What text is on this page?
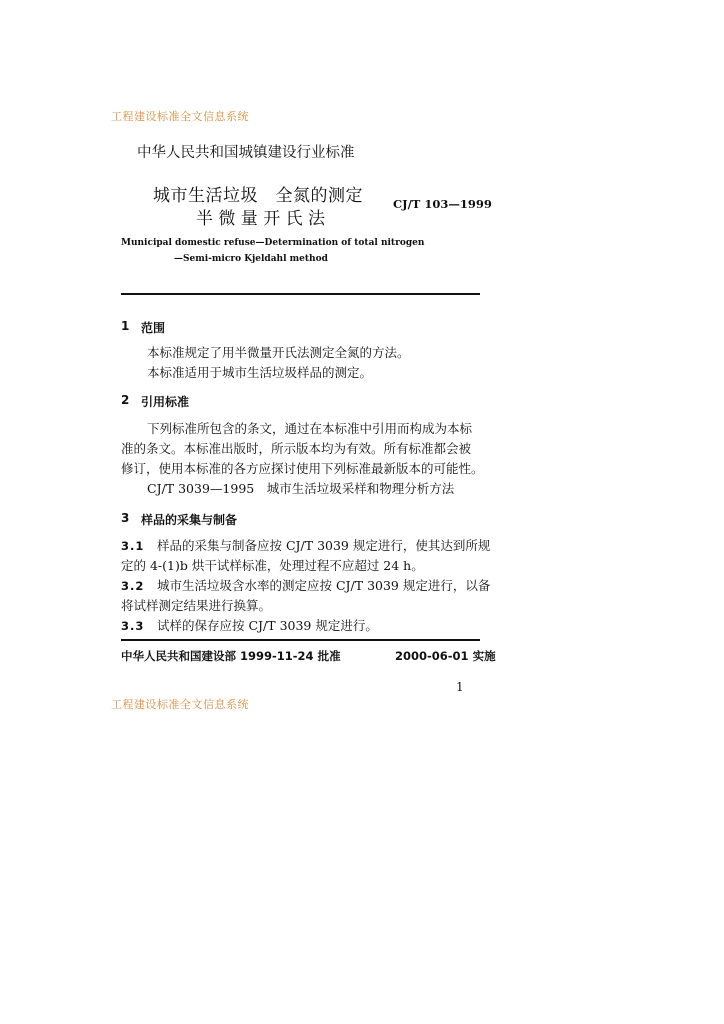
工程建设标准全文信息系统
中华人民共和国城镇建设行业标准
城市生活垃圾　全氮的测定
半 微 量 开 氏 法
CJ/T 103—1999
Municipal domestic refuse—Determination of total nitrogen
—Semi-micro Kjeldahl method
1 范围
本标准规定了用半微量开氏法测定全氮的方法。
本标准适用于城市生活垃圾样品的测定。
2 引用标准
下列标准所包含的条文，通过在本标准中引用而构成为本标
准的条文。本标准出版时，所示版本均为有效。所有标准都会被
修订，使用本标准的各方应探讨使用下列标准最新版本的可能性。
CJ/T 3039—1995　城市生活垃圾采样和物理分析方法
3 样品的采集与制备
3.1 样品的采集与制备应按 CJ/T 3039 规定进行，使其达到所规
定的 4-(1)b 烘干试样标准，处理过程不应超过 24 h。
3.2 城市生活垃圾含水率的测定应按 CJ/T 3039 规定进行，以备
将试样测定结果进行换算。
3.3 试样的保存应按 CJ/T 3039 规定进行。
中华人民共和国建设部 1999-11-24 批准	2000-06-01 实施
1
工程建设标准全文信息系统
